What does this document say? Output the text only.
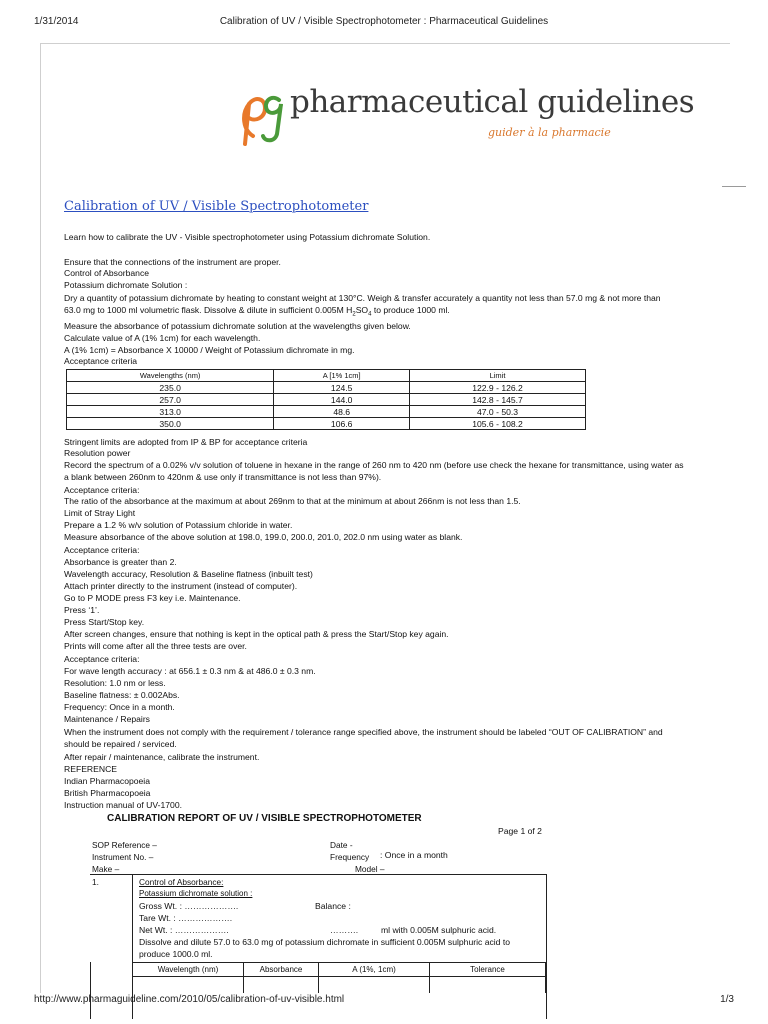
1/31/2014	Calibration of UV / Visible Spectrophotometer : Pharmaceutical Guidelines
pharmaceutical guidelines
guider à la pharmacie
Calibration of UV / Visible Spectrophotometer
Learn how to calibrate the UV - Visible spectrophotometer using Potassium dichromate Solution.
Ensure that the connections of the instrument are proper.
Control of Absorbance
Potassium dichromate Solution :
Dry a quantity of potassium dichromate by heating to constant weight at 130°C. Weigh & transfer accurately a quantity not less than 57.0 mg & not more than
63.0 mg to 1000 ml volumetric flask. Dissolve & dilute in sufficient 0.005M $H_2SO_4$ to produce 1000 ml.
Measure the absorbance of potassium dichromate solution at the wavelengths given below.
Calculate value of A (1% 1cm) for each wavelength.
A (1% 1cm) = Absorbance X 10000 / Weight of Potassium dichromate in mg.
Acceptance criteria
Wavelengths (nm)	A [1% 1cm]	Limit
235.0	124.5	122.9 - 126.2
257.0	144.0	142.8 - 145.7
313.0	48.6	47.0 - 50.3
350.0	106.6	105.6 - 108.2
Stringent limits are adopted from IP & BP for acceptance criteria
Resolution power
Record the spectrum of a 0.02% v/v solution of toluene in hexane in the range of 260 nm to 420 nm (before use check the hexane for transmittance, using water as
a blank between 260nm to 420nm & use only if transmittance is not less than 97%).
Acceptance criteria:
The ratio of the absorbance at the maximum at about 269nm to that at the minimum at about 266nm is not less than 1.5.
Limit of Stray Light
Prepare a 1.2 % w/v solution of Potassium chloride in water.
Measure absorbance of the above solution at 198.0, 199.0, 200.0, 201.0, 202.0 nm using water as blank.
Acceptance criteria:
Absorbance is greater than 2.
Wavelength accuracy, Resolution & Baseline flatness (inbuilt test)
Attach printer directly to the instrument (instead of computer).
Go to P MODE press F3 key i.e. Maintenance.
Press ‘1’.
Press Start/Stop key.
After screen changes, ensure that nothing is kept in the optical path & press the Start/Stop key again.
Prints will come after all the three tests are over.
Acceptance criteria:
For wave length accuracy : at 656.1 ± 0.3 nm & at 486.0 ± 0.3 nm.
Resolution: 1.0 nm or less.
Baseline flatness: ± 0.002Abs.
Frequency: Once in a month.
Maintenance / Repairs
When the instrument does not comply with the requirement / tolerance range specified above, the instrument should be labeled “OUT OF CALIBRATION” and
should be repaired / serviced.
After repair / maintenance, calibrate the instrument.
REFERENCE
Indian Pharmacopoeia
British Pharmacopoeia
Instruction manual of UV-1700.
CALIBRATION REPORT OF UV / VISIBLE SPECTROPHOTOMETER
Page 1 of 2
SOP Reference –	Date -
Instrument No. –	Frequency : Once in a month
Make –	Model –
1.	Control of Absorbance:
Potassium dichromate solution :
Gross Wt. : ……………….	Balance :
Tare Wt. : ……………….
Net Wt. : ……………….	……….	ml with 0.005M sulphuric acid.
Dissolve and dilute 57.0 to 63.0 mg of potassium dichromate in sufficient 0.005M sulphuric acid to
produce 1000.0 ml.
Wavelength (nm)	Absorbance	A (1%, 1cm)	Tolerance

http://www.pharmaguideline.com/2010/05/calibration-of-uv-visible.html	1/3
